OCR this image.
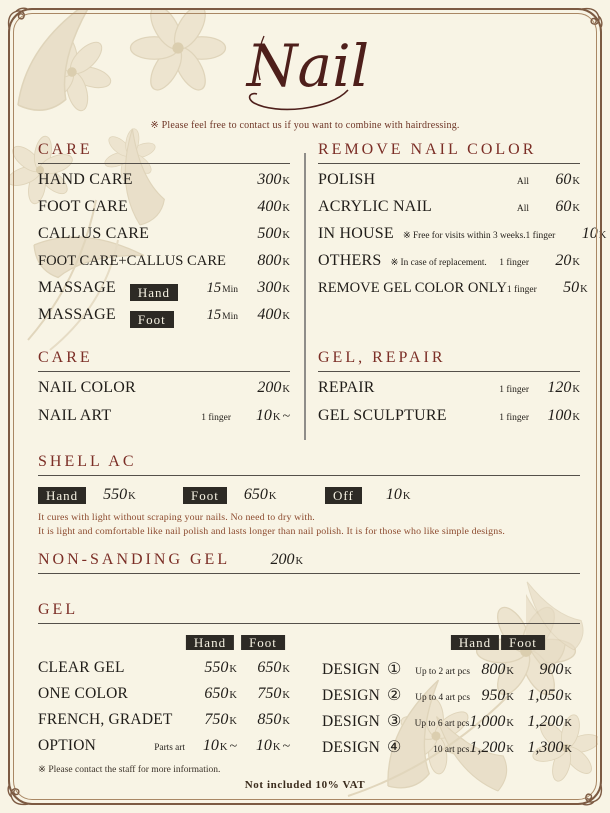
Nail
※ Please feel free to contact us if you want to combine with hairdressing.
CARE
HAND CARE	300K
FOOT CARE	400K
CALLUS CARE	500K
FOOT CARE+CALLUS CARE	800K
MASSAGE	Hand	15Min	300K
MASSAGE	Foot	15Min	400K
REMOVE NAIL COLOR
POLISH	All	60K
ACRYLIC NAIL	All	60K
IN HOUSE ※ Free for visits within 3 weeks. 1 finger	10K
OTHERS ※ In case of replacement. 1 finger	20K
REMOVE GEL COLOR ONLY 1 finger	50K
CARE
NAIL COLOR	200K
NAIL ART	1 finger	10K ~
GEL, REPAIR
REPAIR	1 finger	120K
GEL SCULPTURE	1 finger	100K
SHELL AC
Hand	550K	Foot	650K	Off	10K
It cures with light without scraping your nails. No need to dry with.
It is light and comfortable like nail polish and lasts longer than nail polish. It is for those who like simple designs.
NON-SANDING GEL	200K
GEL
Hand	Foot	Hand	Foot
CLEAR GEL	550K	650K
ONE COLOR	650K	750K
FRENCH, GRADET	750K	850K
OPTION	Parts art	10K ~	10K ~
DESIGN ①	Up to 2 art pcs 800K	900K
DESIGN ②	Up to 4 art pcs 950K 1,050K
DESIGN ③	Up to 6 art pcs 1,000K 1,200K
DESIGN ④	10 art pcs 1,200K 1,300K
※ Please contact the staff for more information.
Not included 10% VAT
